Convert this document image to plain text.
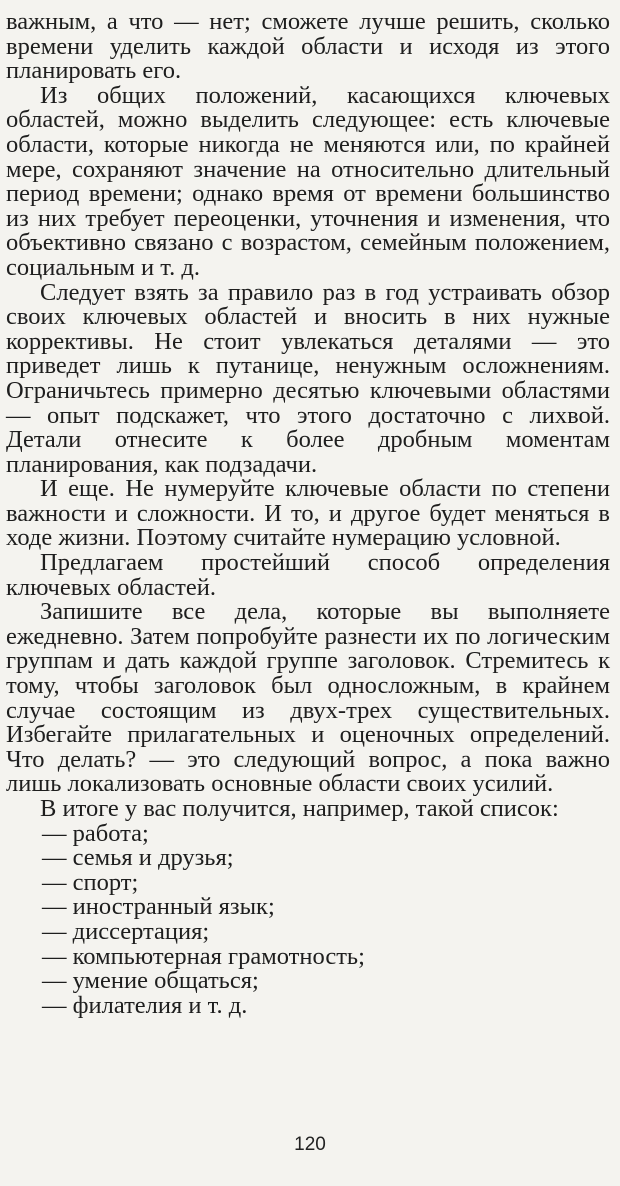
важным, а что — нет; сможете лучше решить, сколько времени уделить каждой области и исходя из этого планировать его.

Из общих положений, касающихся ключевых областей, можно выделить следующее: есть ключевые области, которые никогда не меняются или, по крайней мере, сохраняют значение на относительно длительный период времени; однако время от времени большинство из них требует переоценки, уточнения и изменения, что объективно связано с возрастом, семейным положением, социальным и т. д.

Следует взять за правило раз в год устраивать обзор своих ключевых областей и вносить в них нужные коррективы. Не стоит увлекаться деталями — это приведет лишь к путанице, ненужным осложнениям. Ограничьтесь примерно десятью ключевыми областями — опыт подскажет, что этого достаточно с лихвой. Детали отнесите к более дробным моментам планирования, как подзадачи.

И еще. Не нумеруйте ключевые области по степени важности и сложности. И то, и другое будет меняться в ходе жизни. Поэтому считайте нумерацию условной.

Предлагаем простейший способ определения ключевых областей.

Запишите все дела, которые вы выполняете ежедневно. Затем попробуйте разнести их по логическим группам и дать каждой группе заголовок. Стремитесь к тому, чтобы заголовок был односложным, в крайнем случае состоящим из двух-трех существительных. Избегайте прилагательных и оценочных определений. Что делать? — это следующий вопрос, а пока важно лишь локализовать основные области своих усилий.

В итоге у вас получится, например, такой список:

— работа;
— семья и друзья;
— спорт;
— иностранный язык;
— диссертация;
— компьютерная грамотность;
— умение общаться;
— филателия и т. д.
120
